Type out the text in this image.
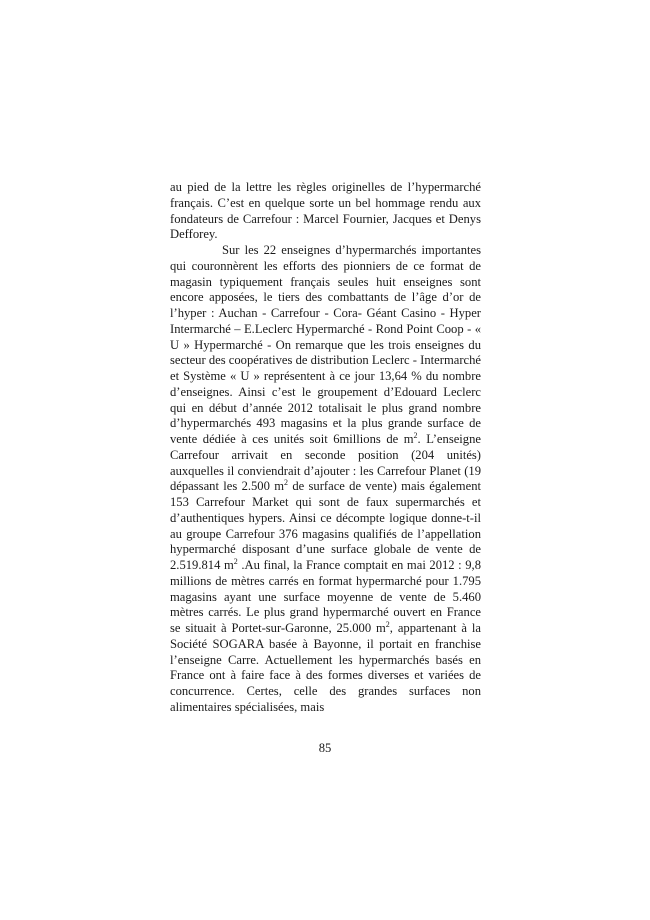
au pied de la lettre les règles originelles de l’hypermarché français. C’est en quelque sorte un bel hommage rendu aux fondateurs de Carrefour : Marcel Fournier, Jacques et Denys Defforey.

Sur les 22 enseignes d’hypermarchés importantes qui couronnèrent les efforts des pionniers de ce format de magasin typiquement français seules huit enseignes sont encore apposées, le tiers des combattants de l’âge d’or de l’hyper : Auchan - Carrefour - Cora- Géant Casino - Hyper Intermarché – E.Leclerc Hypermarché - Rond Point Coop - « U » Hypermarché - On remarque que les trois enseignes du secteur des coopératives de distribution Leclerc - Intermarché et Système « U » représentent à ce jour 13,64 % du nombre d’enseignes. Ainsi c’est le groupement d’Edouard Leclerc qui en début d’année 2012 totalisait le plus grand nombre d’hypermarchés 493 magasins et la plus grande surface de vente dédiée à ces unités soit 6millions de $m^2$. L’enseigne Carrefour arrivait en seconde position (204 unités) auxquelles il conviendrait d’ajouter : les Carrefour Planet (19 dépassant les 2.500 $m^2$ de surface de vente) mais également 153 Carrefour Market qui sont de faux supermarchés et d’authentiques hypers. Ainsi ce décompte logique donne-t-il au groupe Carrefour 376 magasins qualifiés de l’appellation hypermarché disposant d’une surface globale de vente de 2.519.814 $m^2$ .Au final, la France comptait en mai 2012 : 9,8 millions de mètres carrés en format hypermarché pour 1.795 magasins ayant une surface moyenne de vente de 5.460 mètres carrés. Le plus grand hypermarché ouvert en France se situait à Portet-sur-Garonne, 25.000 $m^2$, appartenant à la Société SOGARA basée à Bayonne, il portait en franchise l’enseigne Carre. Actuellement les hypermarchés basés en France ont à faire face à des formes diverses et variées de concurrence. Certes, celle des grandes surfaces non alimentaires spécialisées, mais

85
